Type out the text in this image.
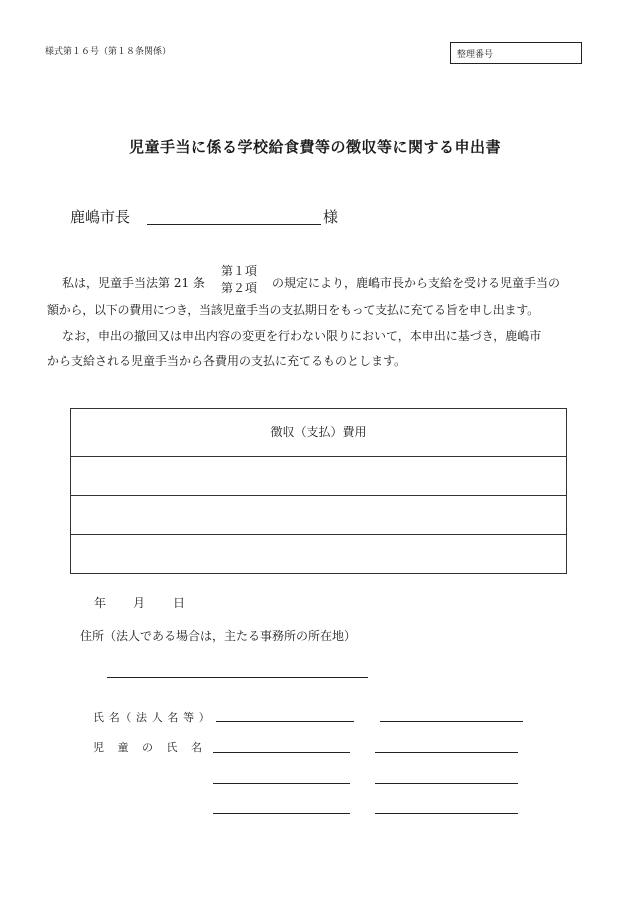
様式第１６号（第１８条関係）	整理番号
児童手当に係る学校給食費等の徴収等に関する申出書
鹿嶋市長	様
私は，児童手当法第 21 条
第１項
第２項 の規定により，鹿嶋市長から支給を受ける児童手当の
額から，以下の費用につき，当該児童手当の支払期日をもって支払に充てる旨を申し出ます。
なお，申出の撤回又は申出内容の変更を行わない限りにおいて，本申出に基づき，鹿嶋市
から支給される児童手当から各費用の支払に充てるものとします。
徴収（支払）費用
年 月 日
住所（法人である場合は，主たる事務所の所在地）
氏 名（ 法 人 名 等 ）
児 童 の 氏 名
